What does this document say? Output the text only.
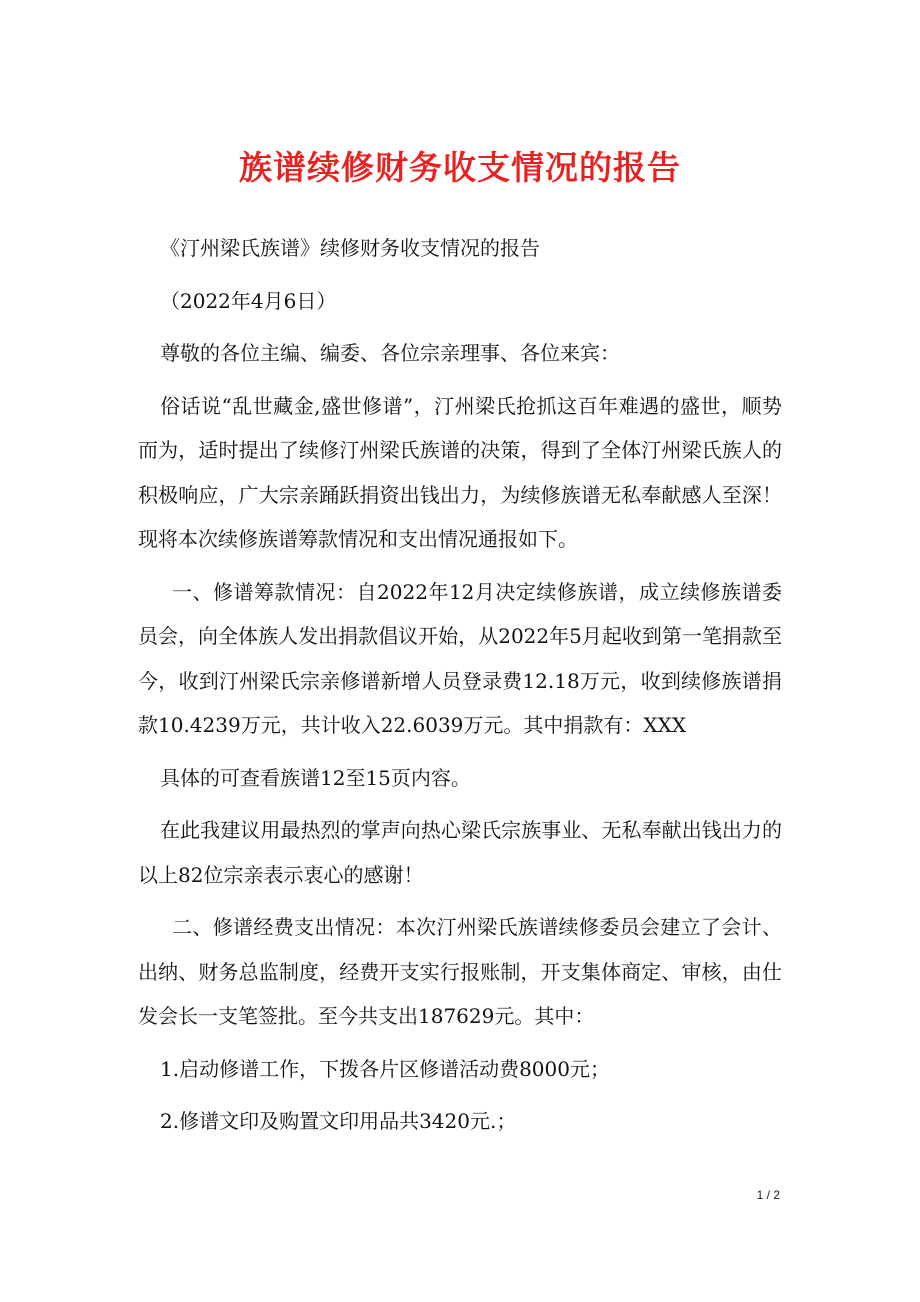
族谱续修财务收支情况的报告

《汀州梁氏族谱》续修财务收支情况的报告

（2022年4月6日）

尊敬的各位主编、编委、各位宗亲理事、各位来宾：

俗话说“乱世藏金,盛世修谱”，汀州梁氏抢抓这百年难遇的盛世，顺势而为，适时提出了续修汀州梁氏族谱的决策，得到了全体汀州梁氏族人的积极响应，广大宗亲踊跃捐资出钱出力，为续修族谱无私奉献感人至深！现将本次续修族谱筹款情况和支出情况通报如下。

一、修谱筹款情况：自2022年12月决定续修族谱，成立续修族谱委员会，向全体族人发出捐款倡议开始，从2022年5月起收到第一笔捐款至今，收到汀州梁氏宗亲修谱新增人员登录费12.18万元，收到续修族谱捐款10.4239万元，共计收入22.6039万元。其中捐款有：XXX

具体的可查看族谱12至15页内容。

在此我建议用最热烈的掌声向热心梁氏宗族事业、无私奉献出钱出力的以上82位宗亲表示衷心的感谢！

二、修谱经费支出情况：本次汀州梁氏族谱续修委员会建立了会计、出纳、财务总监制度，经费开支实行报账制，开支集体商定、审核，由仕发会长一支笔签批。至今共支出187629元。其中：

1.启动修谱工作，下拨各片区修谱活动费8000元；

2.修谱文印及购置文印用品共3420元.；

1 / 2
